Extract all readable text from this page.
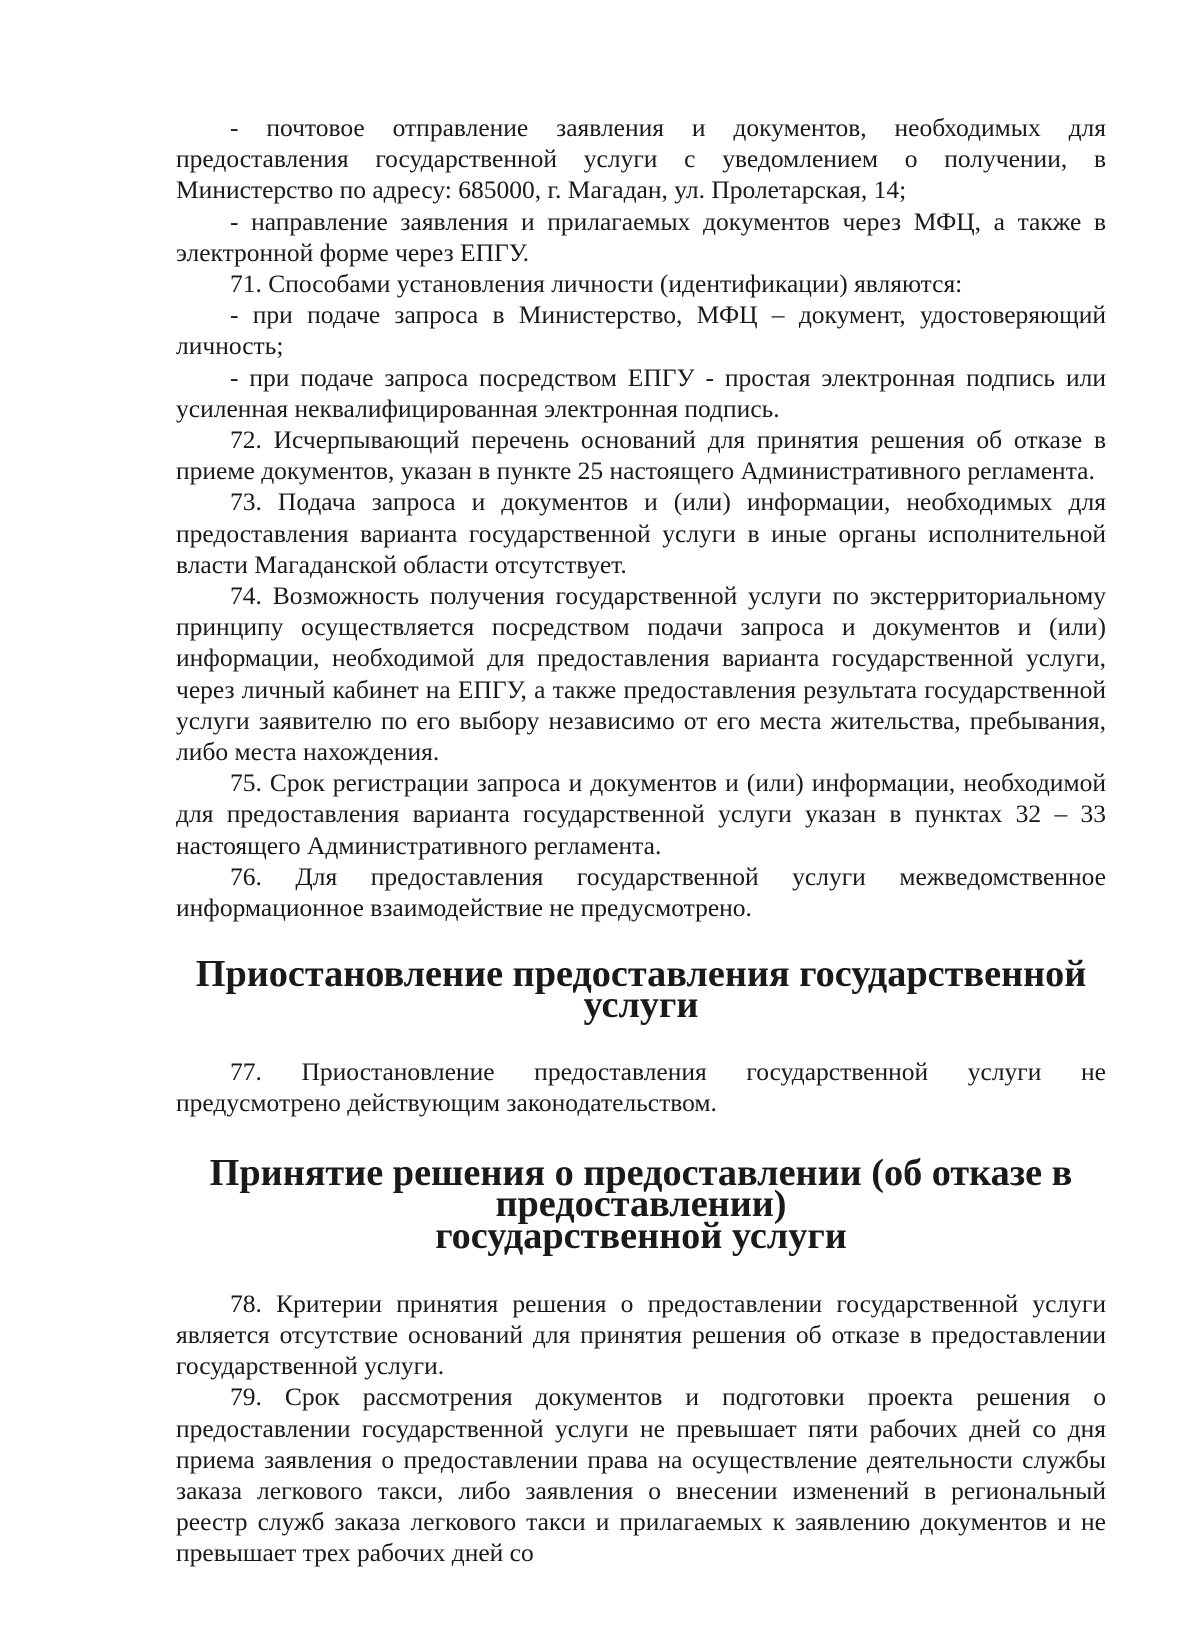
- почтовое отправление заявления и документов, необходимых для предоставления государственной услуги с уведомлением о получении, в Министерство по адресу: 685000, г. Магадан, ул. Пролетарская, 14;

- направление заявления и прилагаемых документов через МФЦ, а также в электронной форме через ЕПГУ.

71. Способами установления личности (идентификации) являются:

- при подаче запроса в Министерство, МФЦ – документ, удостоверяющий личность;

- при подаче запроса посредством ЕПГУ - простая электронная подпись или усиленная неквалифицированная электронная подпись.

72. Исчерпывающий перечень оснований для принятия решения об отказе в приеме документов, указан в пункте 25 настоящего Административного регламента.

73. Подача запроса и документов и (или) информации, необходимых для предоставления варианта государственной услуги в иные органы исполнительной власти Магаданской области отсутствует.

74. Возможность получения государственной услуги по экстерриториальному принципу осуществляется посредством подачи запроса и документов и (или) информации, необходимой для предоставления варианта государственной услуги, через личный кабинет на ЕПГУ, а также предоставления результата государственной услуги заявителю по его выбору независимо от его места жительства, пребывания, либо места нахождения.

75. Срок регистрации запроса и документов и (или) информации, необходимой для предоставления варианта государственной услуги указан в пунктах 32 – 33 настоящего Административного регламента.

76. Для предоставления государственной услуги межведомственное информационное взаимодействие не предусмотрено.

Приостановление предоставления государственной услуги

77. Приостановление предоставления государственной услуги не предусмотрено действующим законодательством.

Принятие решения о предоставлении (об отказе в предоставлении)
государственной услуги

78. Критерии принятия решения о предоставлении государственной услуги является отсутствие оснований для принятия решения об отказе в предоставлении государственной услуги.

79. Срок рассмотрения документов и подготовки проекта решения о предоставлении государственной услуги не превышает пяти рабочих дней со дня приема заявления о предоставлении права на осуществление деятельности службы заказа легкового такси, либо заявления о внесении изменений в региональный реестр служб заказа легкового такси и прилагаемых к заявлению документов и не превышает трех рабочих дней со
